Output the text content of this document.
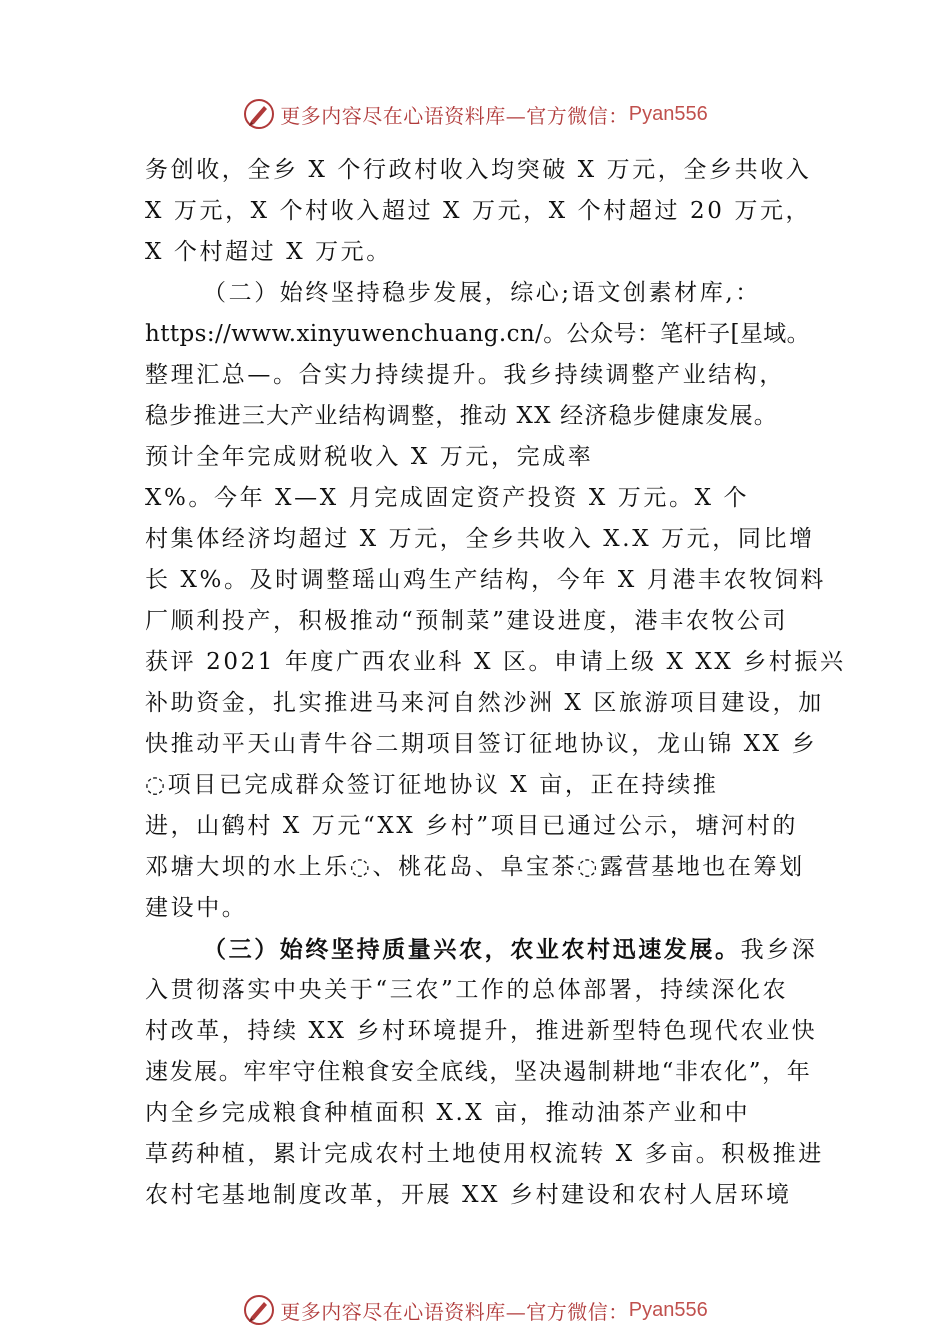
更多内容尽在心语资料库—官方微信： Pyan556
务创收，全乡 X 个行政村收入均突破 X 万元，全乡共收入
X 万元，X 个村收入超过 X 万元，X 个村超过 20 万元，
X 个村超过 X 万元。
（二）始终坚持稳步发展，综心;语文创素材库,：
https://www.xinyuwenchuang.cn/。公众号：笔杆子[星域。
整理汇总—。合实力持续提升。我乡持续调整产业结构，
稳步推进三大产业结构调整，推动 XX 经济稳步健康发展。
预计全年完成财税收入 X 万元，完成率
X%。今年 X—X 月完成固定资产投资 X 万元。X 个
村集体经济均超过 X 万元，全乡共收入 X.X 万元，同比增
长 X%。及时调整瑶山鸡生产结构，今年 X 月港丰农牧饲料
厂顺利投产，积极推动“预制菜”建设进度，港丰农牧公司
获评 2021 年度广西农业科 X 区。申请上级 X XX 乡村振兴
补助资金，扎实推进马来河自然沙洲 X 区旅游项目建设，加
快推动平天山青牛谷二期项目签订征地协议，龙山锦 XX 乡
◌项目已完成群众签订征地协议 X 亩，正在持续推
进，山鹤村 X 万元“XX 乡村”项目已通过公示，塘河村的
邓塘大坝的水上乐◌、桃花岛、阜宝茶◌露营基地也在筹划
建设中。
（三）始终坚持质量兴农，农业农村迅速发展。我乡深
入贯彻落实中央关于“三农”工作的总体部署，持续深化农
村改革，持续 XX 乡村环境提升，推进新型特色现代农业快
速发展。牢牢守住粮食安全底线，坚决遏制耕地“非农化”，年
内全乡完成粮食种植面积 X.X 亩，推动油茶产业和中
草药种植，累计完成农村土地使用权流转 X 多亩。积极推进
农村宅基地制度改革，开展 XX 乡村建设和农村人居环境
更多内容尽在心语资料库—官方微信： Pyan556
